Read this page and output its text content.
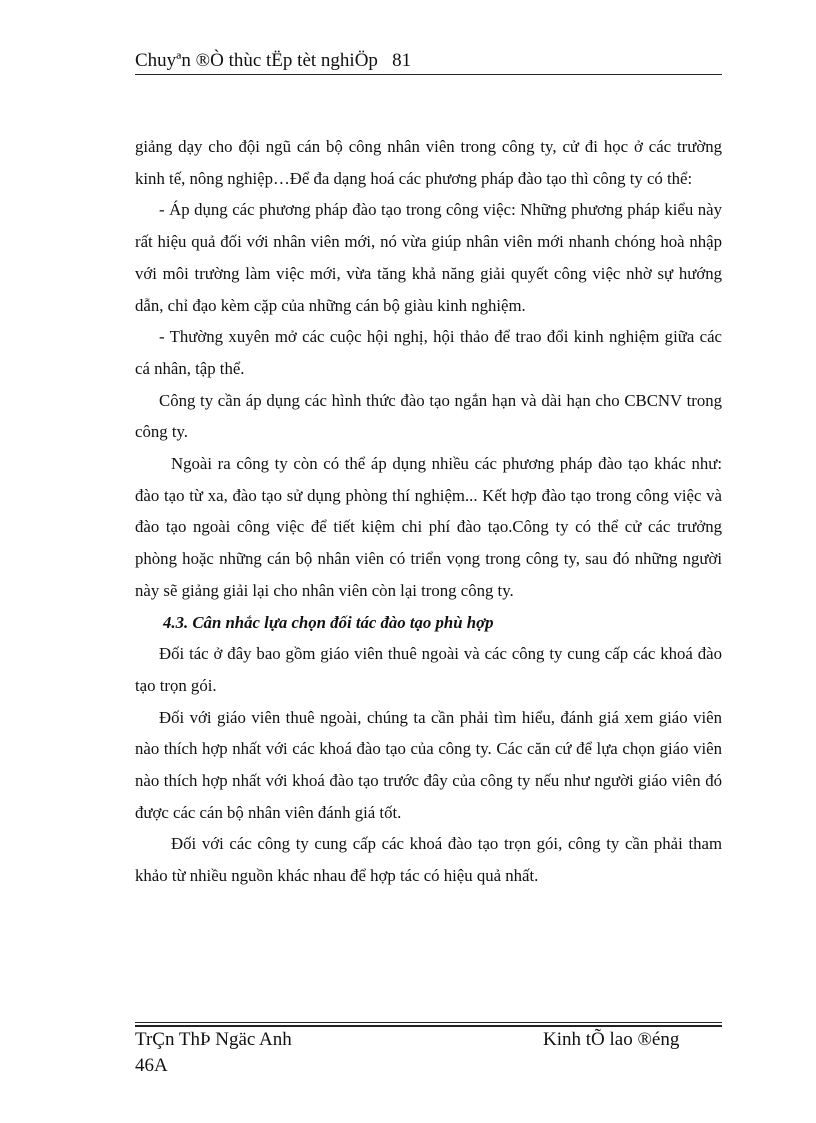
Chuyªn ®Ò thùc tËp tèt nghiÖp 81

giảng dạy cho đội ngũ cán bộ công nhân viên trong công ty, cử đi học ở các trường kinh tế, nông nghiệp…Để đa dạng hoá các phương pháp đào tạo thì công ty có thể:

- Áp dụng các phương pháp đào tạo trong công việc: Những phương pháp kiểu này rất hiệu quả đối với nhân viên mới, nó vừa giúp nhân viên mới nhanh chóng hoà nhập với môi trường làm việc mới, vừa tăng khả năng giải quyết công việc nhờ sự hướng dẫn, chỉ đạo kèm cặp của những cán bộ giàu kinh nghiệm.

- Thường xuyên mở các cuộc hội nghị, hội thảo để trao đổi kinh nghiệm giữa các cá nhân, tập thể.

Công ty cần áp dụng các hình thức đào tạo ngắn hạn và dài hạn cho CBCNV trong công ty.

Ngoài ra công ty còn có thể áp dụng nhiều các phương pháp đào tạo khác như: đào tạo từ xa, đào tạo sử dụng phòng thí nghiệm... Kết hợp đào tạo trong công việc và đào tạo ngoài công việc để tiết kiệm chi phí đào tạo.Công ty có thể cử các trưởng phòng hoặc những cán bộ nhân viên có triển vọng trong công ty, sau đó những người này sẽ giảng giải lại cho nhân viên còn lại trong công ty.

4.3. Cân nhắc lựa chọn đối tác đào tạo phù hợp

Đối tác ở đây bao gồm giáo viên thuê ngoài và các công ty cung cấp các khoá đào tạo trọn gói.

Đối với giáo viên thuê ngoài, chúng ta cần phải tìm hiểu, đánh giá xem giáo viên nào thích hợp nhất với các khoá đào tạo của công ty. Các căn cứ để lựa chọn giáo viên nào thích hợp nhất với khoá đào tạo trước đây của công ty nếu như người giáo viên đó được các cán bộ nhân viên đánh giá tốt.

Đối với các công ty cung cấp các khoá đào tạo trọn gói, công ty cần phải tham khảo từ nhiều nguồn khác nhau để hợp tác có hiệu quả nhất.

TrÇn ThÞ Ngäc Anh	Kinh tÕ lao ®éng
46A
